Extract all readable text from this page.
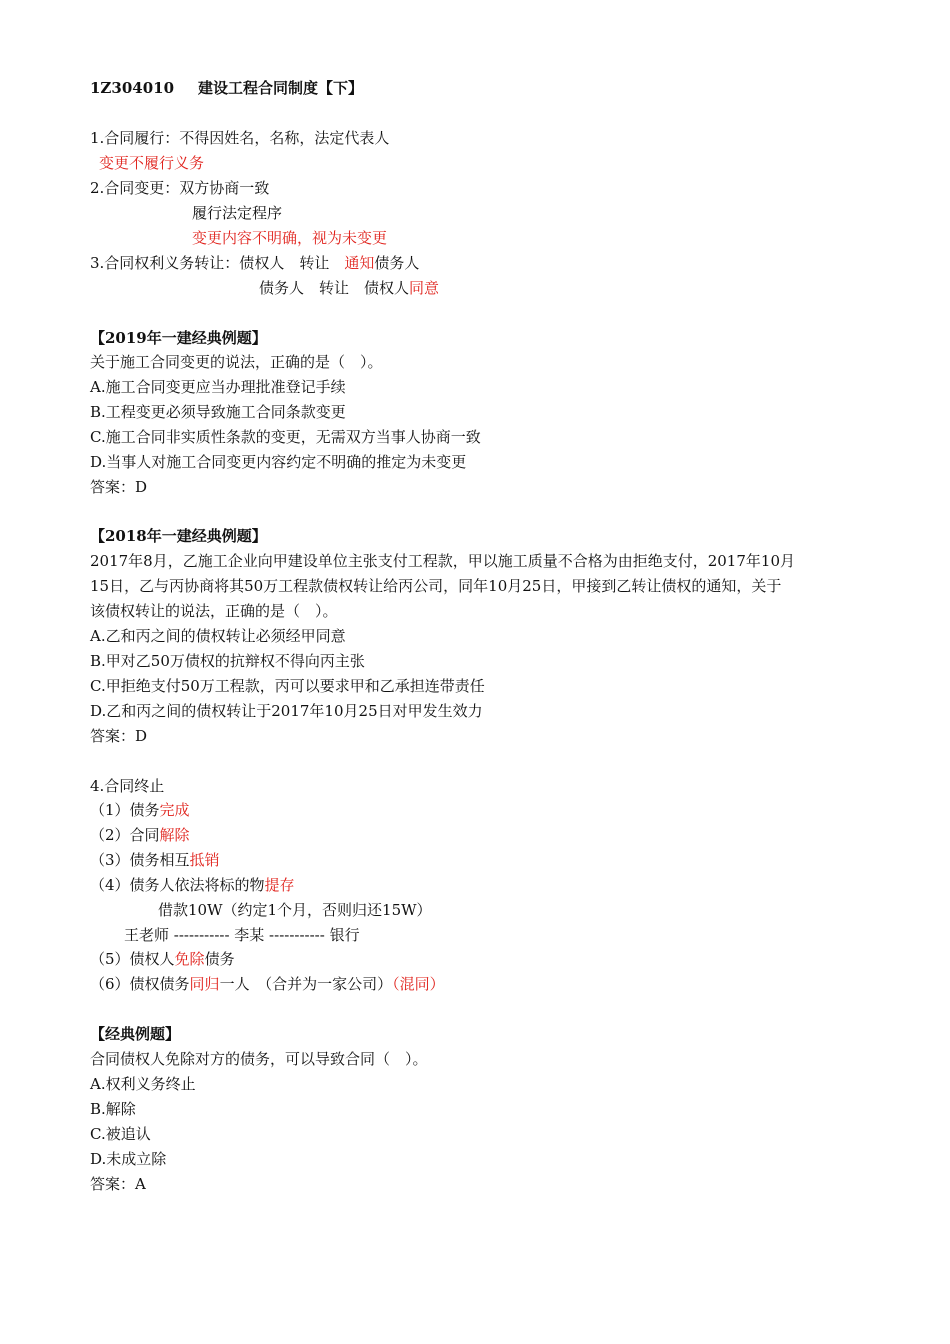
1Z304010 建设工程合同制度【下】
1.合同履行：不得因姓名，名称，法定代表人
变更不履行义务
2.合同变更：双方协商一致
履行法定程序
变更内容不明确，视为未变更
3.合同权利义务转让：债权人　转让　通知债务人
债务人　转让　债权人同意
【2019年一建经典例题】
关于施工合同变更的说法，正确的是（　）。
A.施工合同变更应当办理批准登记手续
B.工程变更必须导致施工合同条款变更
C.施工合同非实质性条款的变更，无需双方当事人协商一致
D.当事人对施工合同变更内容约定不明确的推定为未变更
答案：D
【2018年一建经典例题】
2017年8月，乙施工企业向甲建设单位主张支付工程款，甲以施工质量不合格为由拒绝支付，2017年10月
15日，乙与丙协商将其50万工程款债权转让给丙公司，同年10月25日，甲接到乙转让债权的通知，关于
该债权转让的说法，正确的是（　）。
A.乙和丙之间的债权转让必须经甲同意
B.甲对乙50万债权的抗辩权不得向丙主张
C.甲拒绝支付50万工程款，丙可以要求甲和乙承担连带责任
D.乙和丙之间的债权转让于2017年10月25日对甲发生效力
答案：D
4.合同终止
（1）债务完成
（2）合同解除
（3）债务相互抵销
（4）债务人依法将标的物提存
借款10W（约定1个月，否则归还15W）
王老师 ----------- 李某 ----------- 银行
（5）债权人免除债务
（6）债权债务同归一人　（合并为一家公司）（混同）
【经典例题】
合同债权人免除对方的债务，可以导致合同（　）。
A.权利义务终止
B.解除
C.被追认
D.未成立除
答案：A
